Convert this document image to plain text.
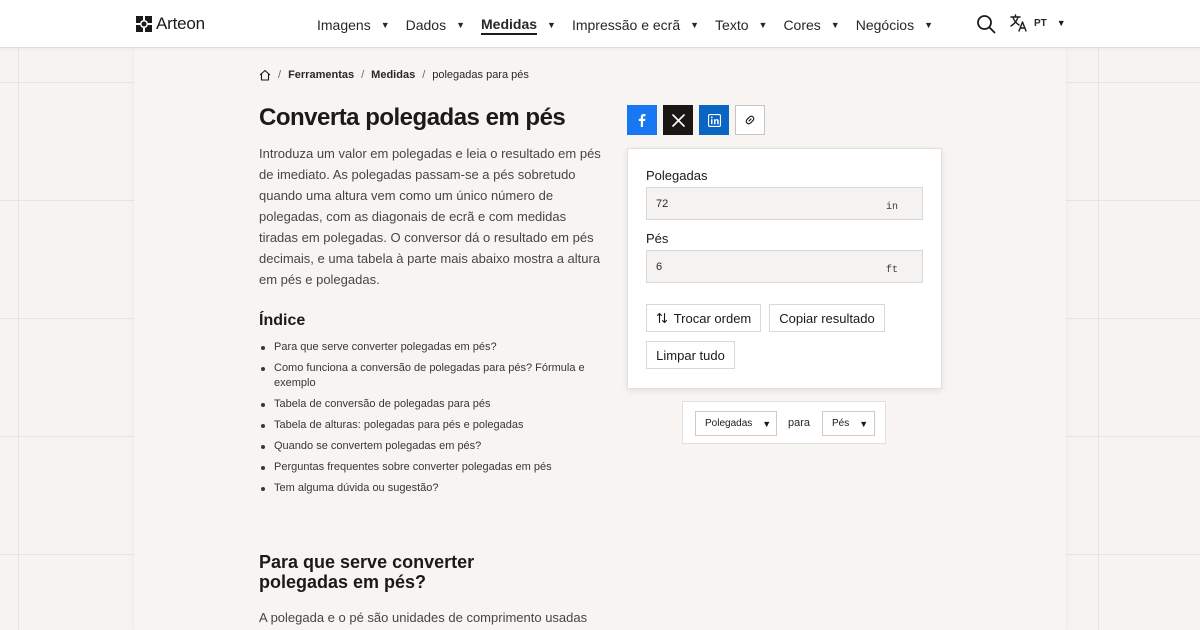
Arteon	Imagens ▼ Dados ▼ Medidas ▼ Impressão e ecrã ▼ Texto ▼ Cores ▼ Negócios ▼	PT ▼
/ Ferramentas / Medidas / polegadas para pés
Converta polegadas em pés

Introduza um valor em polegadas e leia o resultado em pés de imediato. As polegadas passam-se a pés sobretudo quando uma altura vem como um único número de polegadas, com as diagonais de ecrã e com medidas tiradas em polegadas. O conversor dá o resultado em pés decimais, e uma tabela à parte mais abaixo mostra a altura em pés e polegadas.

Índice
Para que serve converter polegadas em pés?
Como funciona a conversão de polegadas para pés? Fórmula e exemplo
Tabela de conversão de polegadas para pés
Tabela de alturas: polegadas para pés e polegadas
Quando se convertem polegadas em pés?
Perguntas frequentes sobre converter polegadas em pés
Tem alguma dúvida ou sugestão?
Para que serve converter polegadas em pés?

A polegada e o pé são unidades de comprimento usadas

Polegadas
72	in
Pés
6	ft
Trocar ordem Copiar resultado
Limpar tudo
Polegadas ▼ para Pés ▼
